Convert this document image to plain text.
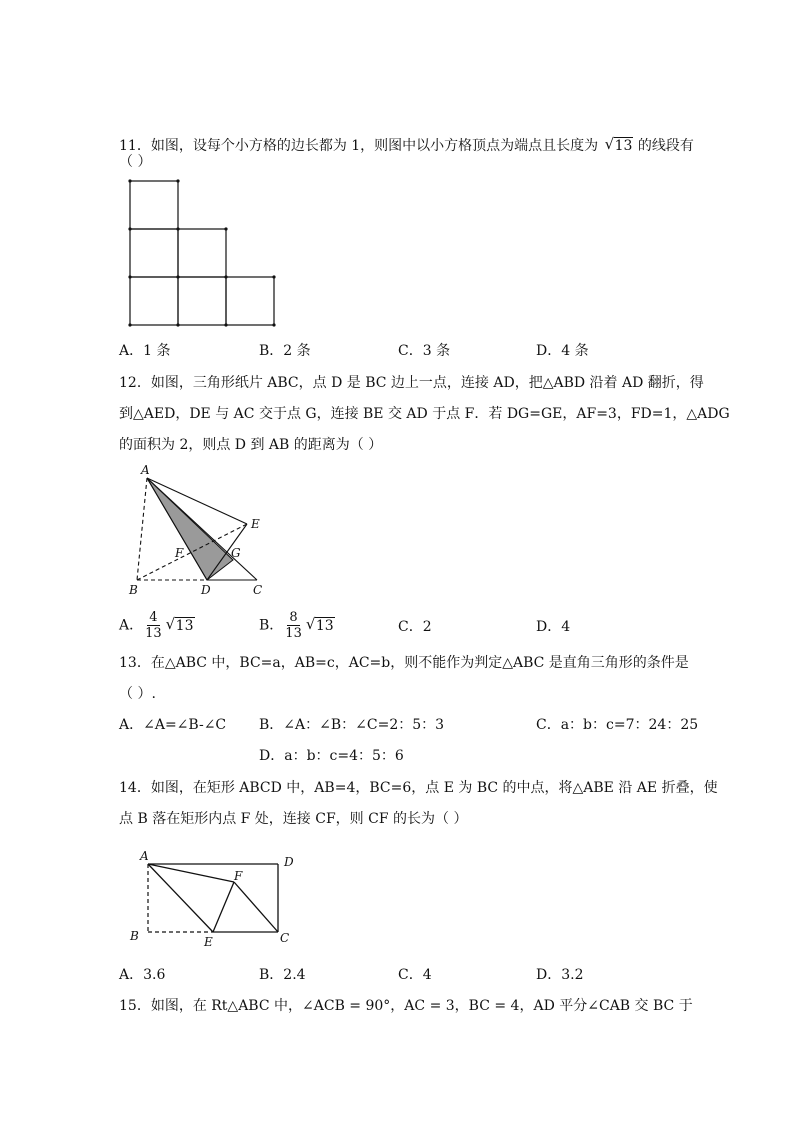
11．如图，设每个小方格的边长都为 1，则图中以小方格顶点为端点且长度为 √ 13 的线段有
（ ）
A．1 条	B．2 条	C．3 条	D．4 条
12．如图，三角形纸片 ABC，点 D 是 BC 边上一点，连接 AD，把△ABD 沿着 AD 翻折，得
到△AED，DE 与 AC 交于点 G，连接 BE 交 AD 于点 F．若 DG=GE，AF=3，FD=1，△ADG
的面积为 2，则点 D 到 AB 的距离为（ ）
A
E
F	G
B	D	C
A． $\frac{4}{13}$ √ 13	B． $\frac{8}{13}$ √ 13	C．2	D．4
13．在△ABC 中，BC=a，AB=c，AC=b，则不能作为判定△ABC 是直角三角形的条件是
（ ）.
A．∠A=∠B-∠C B．∠A：∠B：∠C=2：5：3	C．a：b：c=7：24：25
D．a：b：c=4：5：6
14．如图，在矩形 ABCD 中，AB=4，BC=6，点 E 为 BC 的中点，将△ABE 沿 AE 折叠，使
点 B 落在矩形内点 F 处，连接 CF，则 CF 的长为（ ）
A	D
F
B	E	C
A．3.6	B．2.4	C．4	D．3.2
15．如图，在 Rt△ABC 中，∠ACB = 90°，AC = 3，BC = 4，AD 平分∠CAB 交 BC 于
